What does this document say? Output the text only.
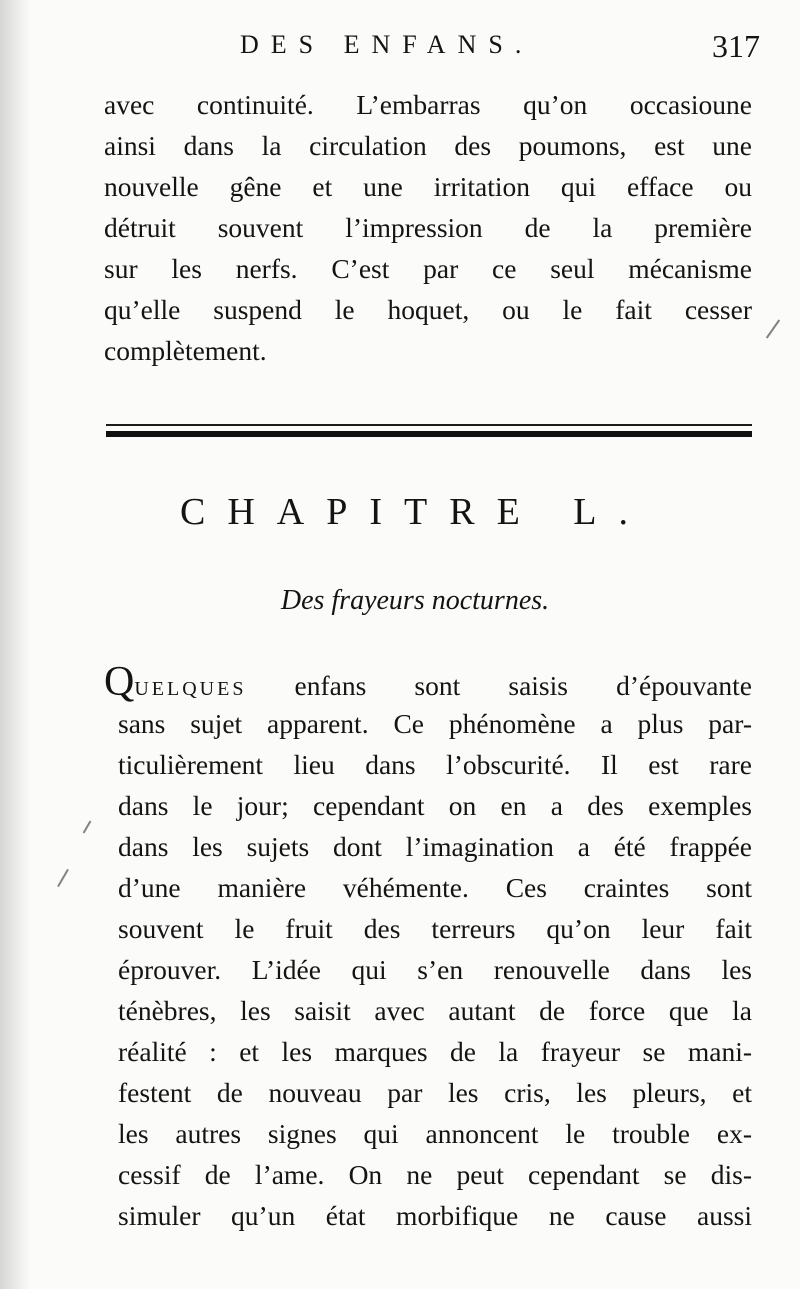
DES ENFANS.	317
avec continuité. L’embarras qu’on occasioune
ainsi dans la circulation des poumons, est une
nouvelle gêne et une irritation qui efface ou
détruit souvent l’impression de la première
sur les nerfs. C’est par ce seul mécanisme
qu’elle suspend le hoquet, ou le fait cesser
complètement.
CHAPITRE L.
Des frayeurs nocturnes.
QUELQUES enfans sont saisis d’épouvante
sans sujet apparent. Ce phénomène a plus par-
ticulièrement lieu dans l’obscurité. Il est rare
dans le jour; cependant on en a des exemples
dans les sujets dont l’imagination a été frappée
d’une manière véhémente. Ces craintes sont
souvent le fruit des terreurs qu’on leur fait
éprouver. L’idée qui s’en renouvelle dans les
ténèbres, les saisit avec autant de force que la
réalité : et les marques de la frayeur se mani-
festent de nouveau par les cris, les pleurs, et
les autres signes qui annoncent le trouble ex-
cessif de l’ame. On ne peut cependant se dis-
simuler qu’un état morbifique ne cause aussi
